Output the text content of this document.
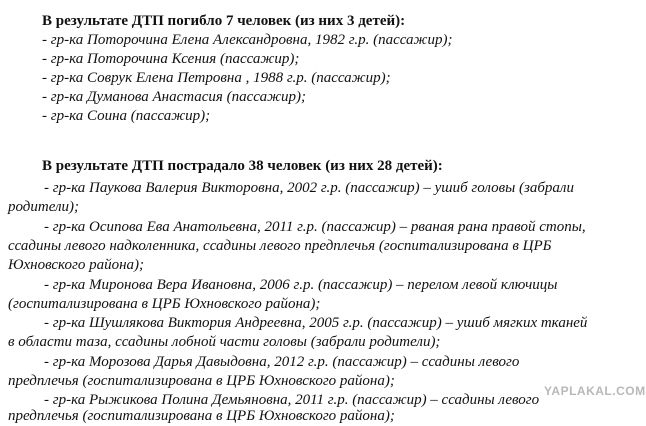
В результате ДТП погибло 7 человек (из них 3 детей):
- гр-ка Поторочина Елена Александровна, 1982 г.р. (пассажир);
- гр-ка Поторочина Ксения (пассажир);
- гр-ка Соврук Елена Петровна , 1988 г.р. (пассажир);
- гр-ка Думанова Анастасия (пассажир);
- гр-ка Соина (пассажир);
В результате ДТП пострадало 38 человек (из них 28 детей):
- гр-ка Паукова Валерия Викторовна, 2002 г.р. (пассажир) – ушиб головы (забрали
родители);
- гр-ка Осипова Ева Анатольевна, 2011 г.р. (пассажир) – рваная рана правой стопы,
ссадины левого надколенника, ссадины левого предплечья (госпитализирована в ЦРБ
Юхновского района);
- гр-ка Миронова Вера Ивановна, 2006 г.р. (пассажир) – перелом левой ключицы
(госпитализирована в ЦРБ Юхновского района);
- гр-ка Шушлякова Виктория Андреевна, 2005 г.р. (пассажир) – ушиб мягких тканей
в области таза, ссадины лобной части головы (забрали родители);
- гр-ка Морозова Дарья Давыдовна, 2012 г.р. (пассажир) – ссадины левого
предплечья (госпитализирована в ЦРБ Юхновского района);
- гр-ка Рыжикова Полина Демьяновна, 2011 г.р. (пассажир) – ссадины левого
предплечья (госпитализирована в ЦРБ Юхновского района);
YAPLAKAL.COM
